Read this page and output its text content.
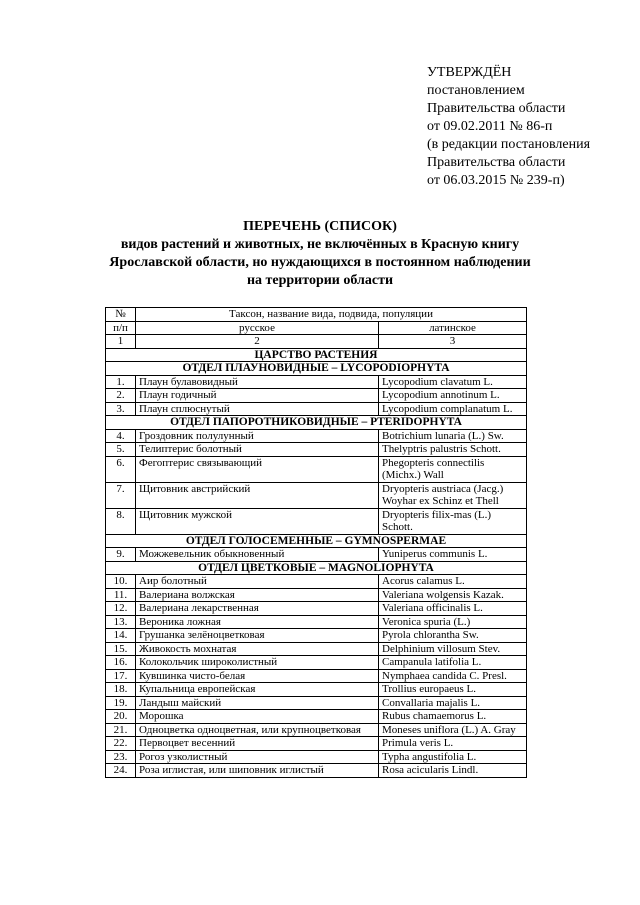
УТВЕРЖДЁН
постановлением
Правительства области
от 09.02.2011 № 86-п
(в редакции постановления
Правительства области
от 06.03.2015 № 239-п)
ПЕРЕЧЕНЬ (СПИСОК)
видов растений и животных, не включённых в Красную книгу
Ярославской области, но нуждающихся в постоянном наблюдении
на территории области
№	Таксон, название вида, подвида, популяции	
п/п	русское	латинское
1	2	3
ЦАРСТВО РАСТЕНИЯ		
ОТДЕЛ ПЛАУНОВИДНЫЕ – LYCOPODIOPHYTA		
1.	Плаун булавовидный	Lycopodium clavatum L.
2.	Плаун годичный	Lycopodium annotinum L.
3.	Плаун сплюснутый	Lycopodium complanatum L.
ОТДЕЛ ПАПОРОТНИКОВИДНЫЕ – PTERIDOPHYTA		
4.	Гроздовник полулунный	Botrichium lunaria (L.) Sw.
5.	Телиптерис болотный	Thelyptris palustris Schott.
6.	Фегоптерис связывающий	Phegopteris connectilis (Michx.) Wall
7.	Щитовник австрийский	Dryopteris austriaca (Jacg.) Woyhar ex Schinz et Thell
8.	Щитовник мужской	Dryopteris filix-mas (L.) Schott.
ОТДЕЛ ГОЛОСЕМЕННЫЕ – GYMNOSPERMAE		
9.	Можжевельник обыкновенный	Yuniperus communis L.
ОТДЕЛ ЦВЕТКОВЫЕ – MAGNOLIOPHYTA		
10.	Аир болотный	Acorus calamus L.
11.	Валериана волжская	Valeriana wolgensis Kazak.
12.	Валериана лекарственная	Valeriana officinalis L.
13.	Вероника ложная	Veronica spuria (L.)
14.	Грушанка зелёноцветковая	Pyrola chlorantha Sw.
15.	Живокость мохнатая	Delphinium villosum Stev.
16.	Колокольчик широколистный	Campanula latifolia L.
17.	Кувшинка чисто-белая	Nymphaea candida C. Presl.
18.	Купальница европейская	Trollius europaeus L.
19.	Ландыш майский	Convallaria majalis L.
20.	Морошка	Rubus chamaemorus L.
21.	Одноцветка одноцветная, или крупноцветковая	Moneses uniflora (L.) A. Gray
22.	Первоцвет весенний	Primula veris L.
23.	Рогоз узколистный	Typha angustifolia L.
24.	Роза иглистая, или шиповник иглистый	Rosa acicularis Lindl.
